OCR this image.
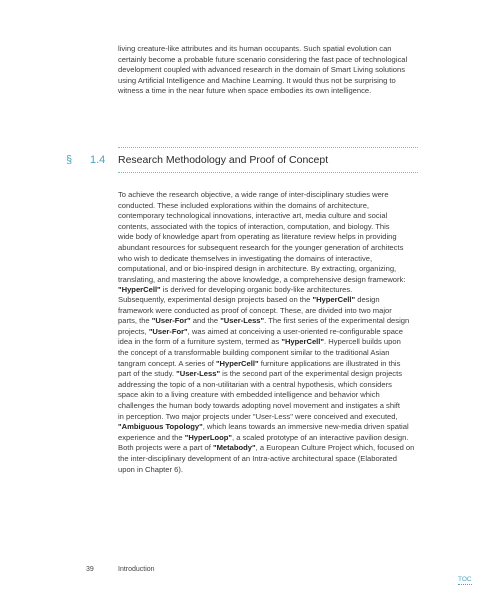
living creature-like attributes and its human occupants. Such spatial evolution can
certainly become a probable future scenario considering the fast pace of technological
development coupled with advanced research in the domain of Smart Living solutions
using Artificial Intelligence and Machine Learning. It would thus not be surprising to
witness a time in the near future when space embodies its own intelligence.
§ 1.4 Research Methodology and Proof of Concept
To achieve the research objective, a wide range of inter-disciplinary studies were
conducted. These included explorations within the domains of architecture,
contemporary technological innovations, interactive art, media culture and social
contents, associated with the topics of interaction, computation, and biology. This
wide body of knowledge apart from operating as literature review helps in providing
abundant resources for subsequent research for the younger generation of architects
who wish to dedicate themselves in investigating the domains of interactive,
computational, and or bio-inspired design in architecture. By extracting, organizing,
translating, and mastering the above knowledge, a comprehensive design framework:
"HyperCell" is derived for developing organic body-like architectures.
Subsequently, experimental design projects based on the "HyperCell" design
framework were conducted as proof of concept. These, are divided into two major
parts, the "User-For" and the "User-Less". The first series of the experimental design
projects, "User-For", was aimed at conceiving a user-oriented re-configurable space
idea in the form of a furniture system, termed as "HyperCell". Hypercell builds upon
the concept of a transformable building component similar to the traditional Asian
tangram concept. A series of "HyperCell" furniture applications are illustrated in this
part of the study. "User-Less" is the second part of the experimental design projects
addressing the topic of a non-utilitarian with a central hypothesis, which considers
space akin to a living creature with embedded intelligence and behavior which
challenges the human body towards adopting novel movement and instigates a shift
in perception. Two major projects under "User-Less" were conceived and executed,
"Ambiguous Topology", which leans towards an immersive new-media driven spatial
experience and the "HyperLoop", a scaled prototype of an interactive pavilion design.
Both projects were a part of "Metabody", a European Culture Project which, focused on
the inter-disciplinary development of an Intra-active architectural space (Elaborated
upon in Chapter 6).
39	Introduction
TOC
